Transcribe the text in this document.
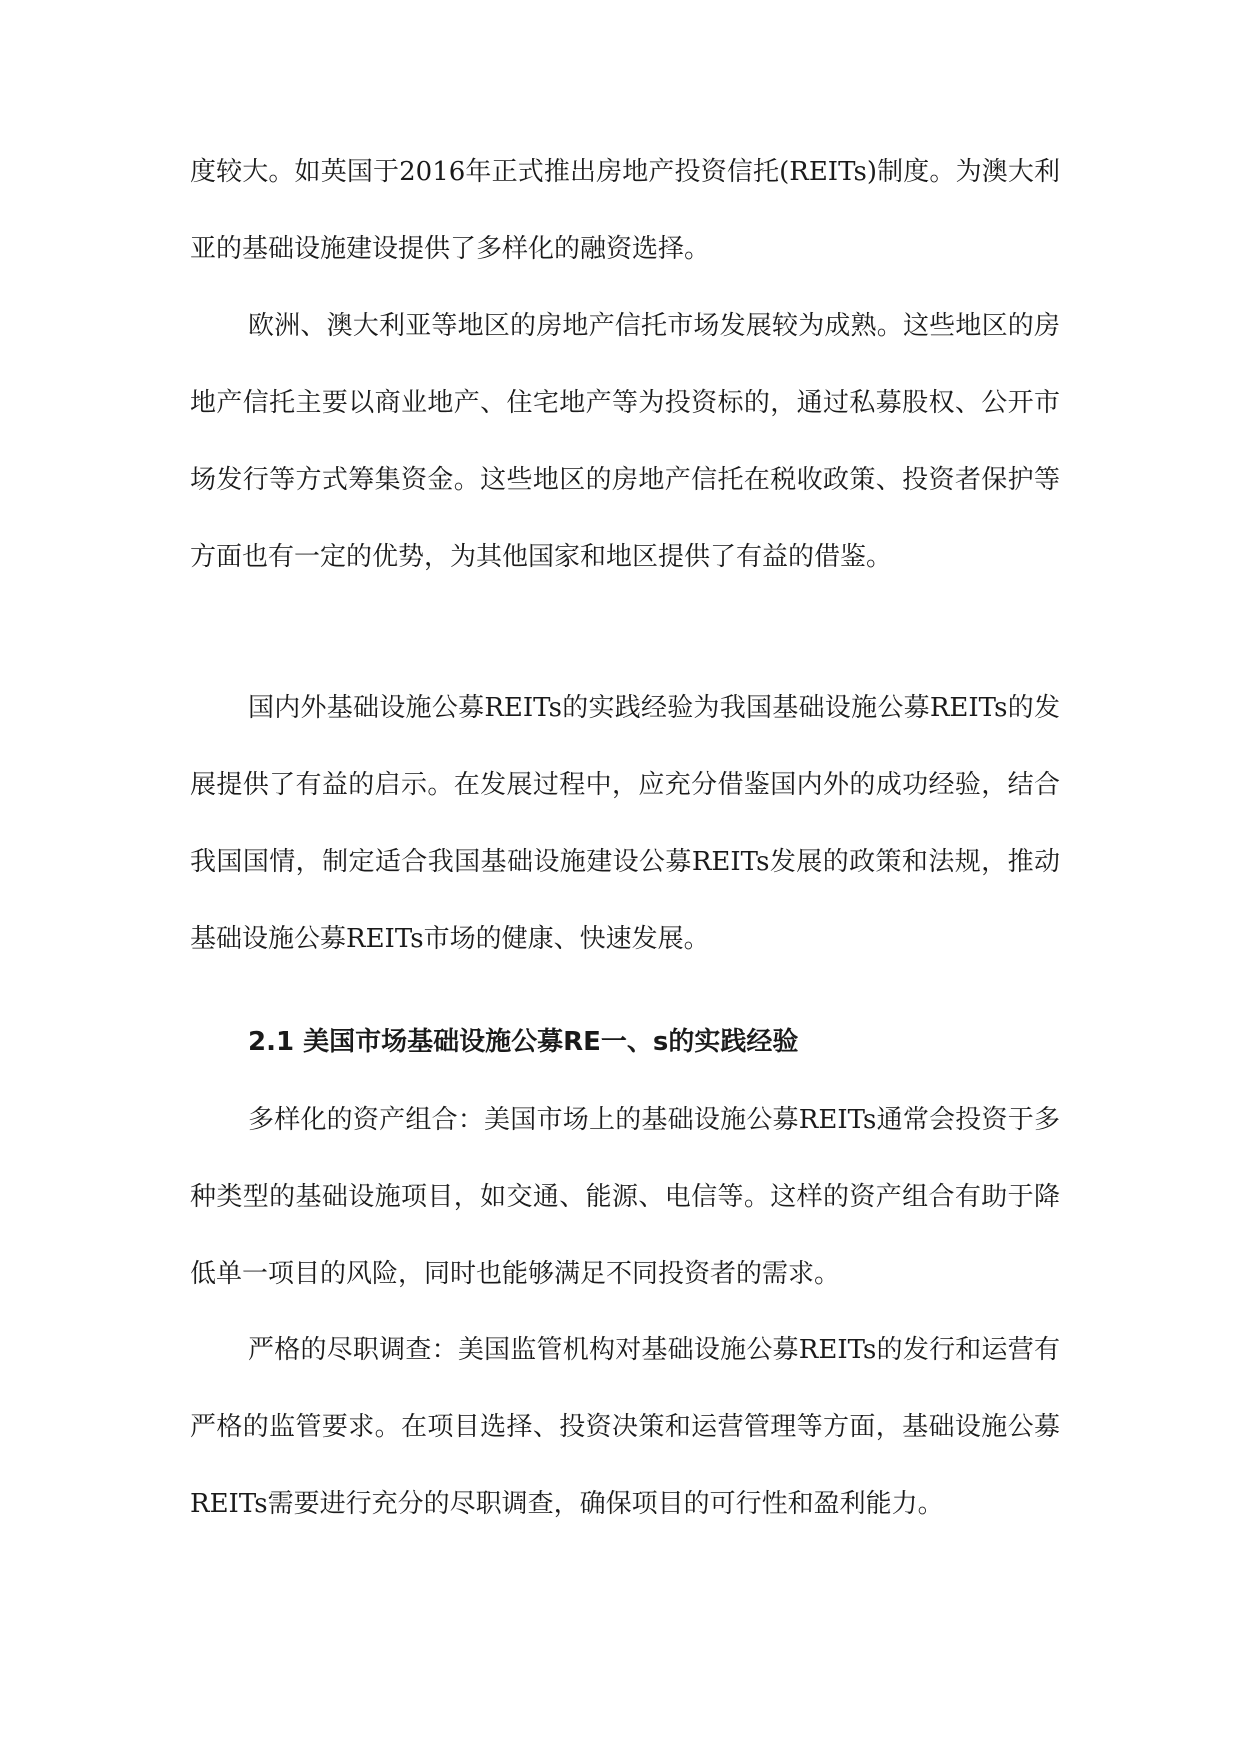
度较大。如英国于2016年正式推出房地产投资信托(REITs)制度。为澳大利亚的基础设施建设提供了多样化的融资选择。

欧洲、澳大利亚等地区的房地产信托市场发展较为成熟。这些地区的房地产信托主要以商业地产、住宅地产等为投资标的，通过私募股权、公开市场发行等方式筹集资金。这些地区的房地产信托在税收政策、投资者保护等方面也有一定的优势，为其他国家和地区提供了有益的借鉴。

国内外基础设施公募REITs的实践经验为我国基础设施公募REITs的发展提供了有益的启示。在发展过程中，应充分借鉴国内外的成功经验，结合我国国情，制定适合我国基础设施建设公募REITs发展的政策和法规，推动基础设施公募REITs市场的健康、快速发展。

2.1 美国市场基础设施公募RE一、s的实践经验

多样化的资产组合：美国市场上的基础设施公募REITs通常会投资于多种类型的基础设施项目，如交通、能源、电信等。这样的资产组合有助于降低单一项目的风险，同时也能够满足不同投资者的需求。

严格的尽职调查：美国监管机构对基础设施公募REITs的发行和运营有严格的监管要求。在项目选择、投资决策和运营管理等方面，基础设施公募REITs需要进行充分的尽职调查，确保项目的可行性和盈利能力。
